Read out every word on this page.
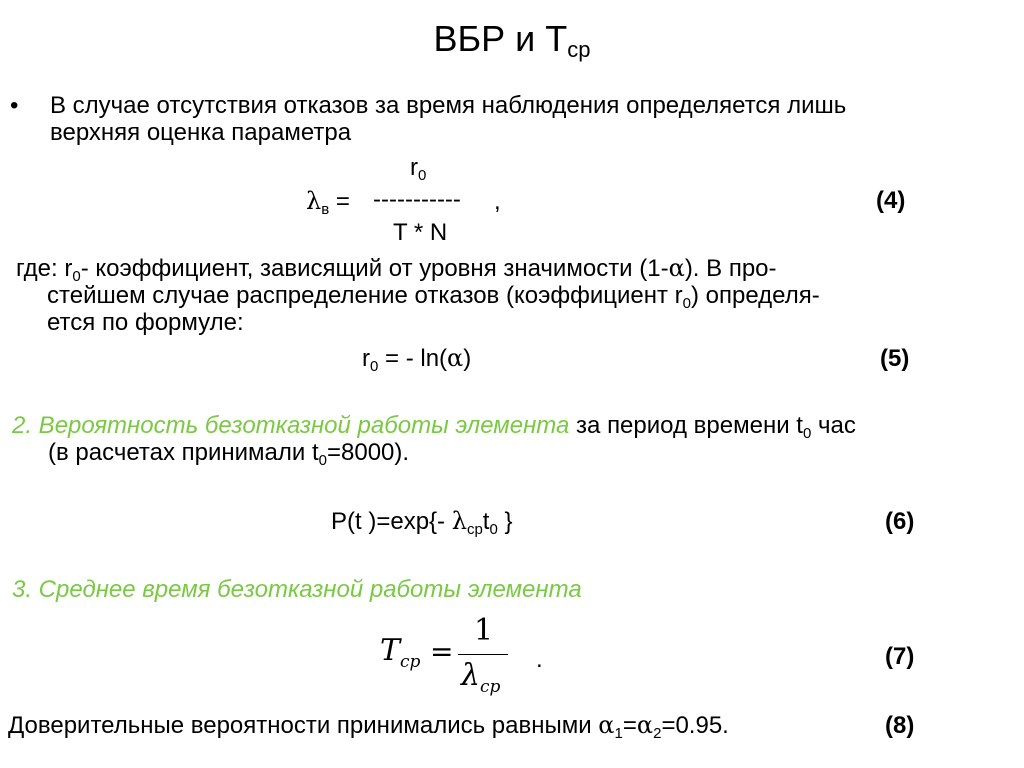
ВБР и $Т_{ср}$
• В случае отсутствия отказов за время наблюдения определяется лишь
верхняя оценка параметра
$r_0$
$\lambda_в$ = ----------- ,
T * N
(4)
где: $r_0-$ коэффициент, зависящий от уровня значимости (1-α). В про-
стейшем случае распределение отказов (коэффициент $r_0$) определя-
ется по формуле:
$r_0$ = - ln(α)	(5)
2. Вероятность безотказной работы элемента за период времени $t_0$ час
(в расчетах принимали $t_0=8000$).
P(t )=exp{- $\lambda_{ср}t_0$ }	(6)
3. Среднее время безотказной работы элемента
$T_{ср}$ =
1
$\lambda_{ср}$
.	(7)
Доверительные вероятности принимались равными $\alpha_1=\alpha_2=0.95$.	(8)
